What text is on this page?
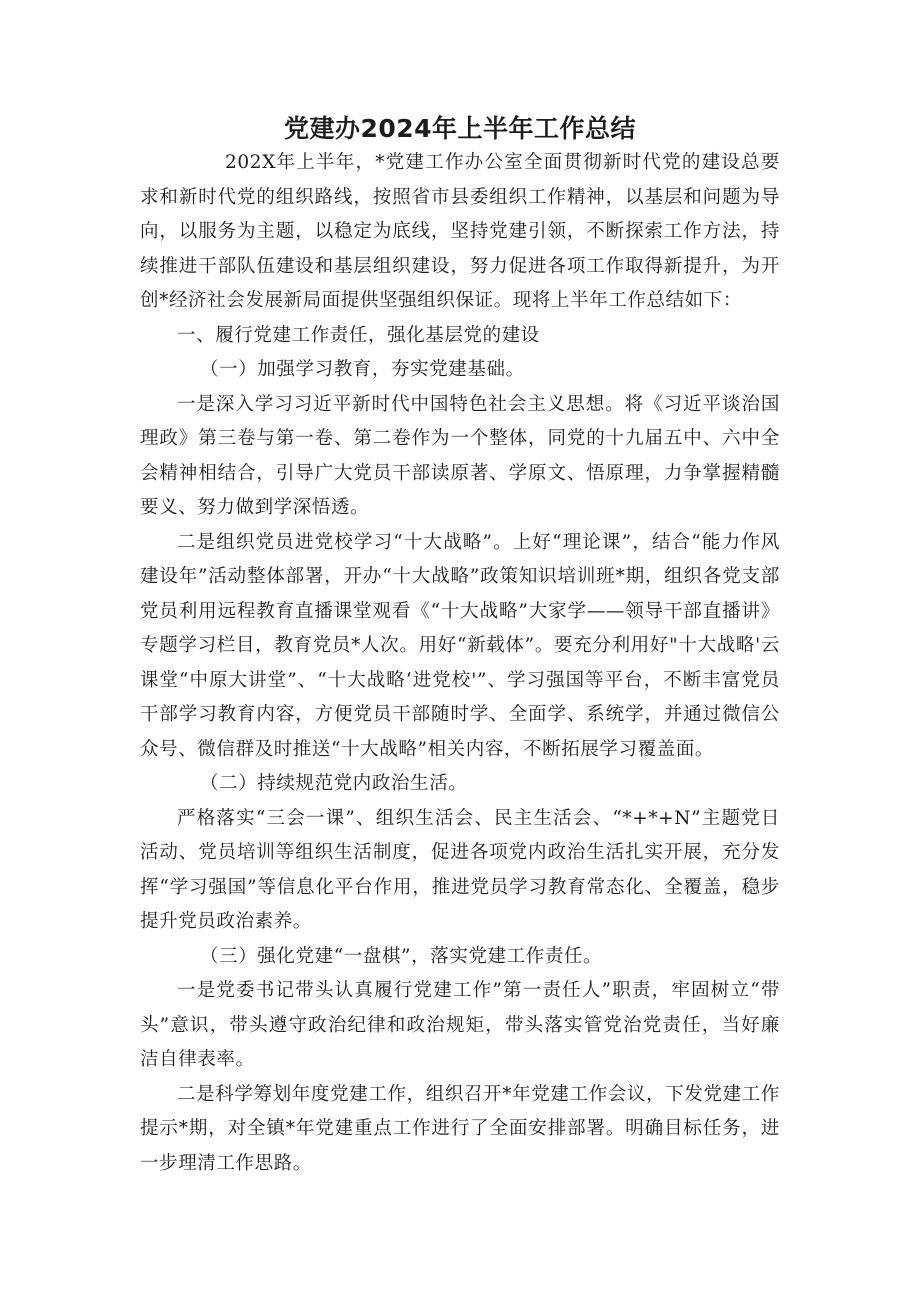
党建办2024年上半年工作总结

202X年上半年，*党建工作办公室全面贯彻新时代党的建设总要求和新时代党的组织路线，按照省市县委组织工作精神，以基层和问题为导向，以服务为主题，以稳定为底线，坚持党建引领，不断探索工作方法，持续推进干部队伍建设和基层组织建设，努力促进各项工作取得新提升，为开创*经济社会发展新局面提供坚强组织保证。现将上半年工作总结如下：

一、履行党建工作责任，强化基层党的建设

（一）加强学习教育，夯实党建基础。

一是深入学习习近平新时代中国特色社会主义思想。将《习近平谈治国理政》第三卷与第一卷、第二卷作为一个整体，同党的十九届五中、六中全会精神相结合，引导广大党员干部读原著、学原文、悟原理，力争掌握精髓要义、努力做到学深悟透。

二是组织党员进党校学习“十大战略”。上好“理论课”，结合“能力作风建设年”活动整体部署，开办“十大战略”政策知识培训班*期，组织各党支部党员利用远程教育直播课堂观看《“十大战略”大家学——领导干部直播讲》专题学习栏目，教育党员*人次。用好“新载体”。要充分利用好"十大战略'云课堂“中原大讲堂”、“十大战略‘进党校'”、学习强国等平台，不断丰富党员干部学习教育内容，方便党员干部随时学、全面学、系统学，并通过微信公众号、微信群及时推送“十大战略”相关内容，不断拓展学习覆盖面。

（二）持续规范党内政治生活。

严格落实“三会一课”、组织生活会、民主生活会、“*+*+N”主题党日活动、党员培训等组织生活制度，促进各项党内政治生活扎实开展，充分发挥“学习强国”等信息化平台作用，推进党员学习教育常态化、全覆盖，稳步提升党员政治素养。

（三）强化党建“一盘棋”，落实党建工作责任。

一是党委书记带头认真履行党建工作”第一责任人”职责，牢固树立“带头”意识，带头遵守政治纪律和政治规矩，带头落实管党治党责任，当好廉洁自律表率。

二是科学筹划年度党建工作，组织召开*年党建工作会议，下发党建工作提示*期，对全镇*年党建重点工作进行了全面安排部署。明确目标任务，进一步理清工作思路。
